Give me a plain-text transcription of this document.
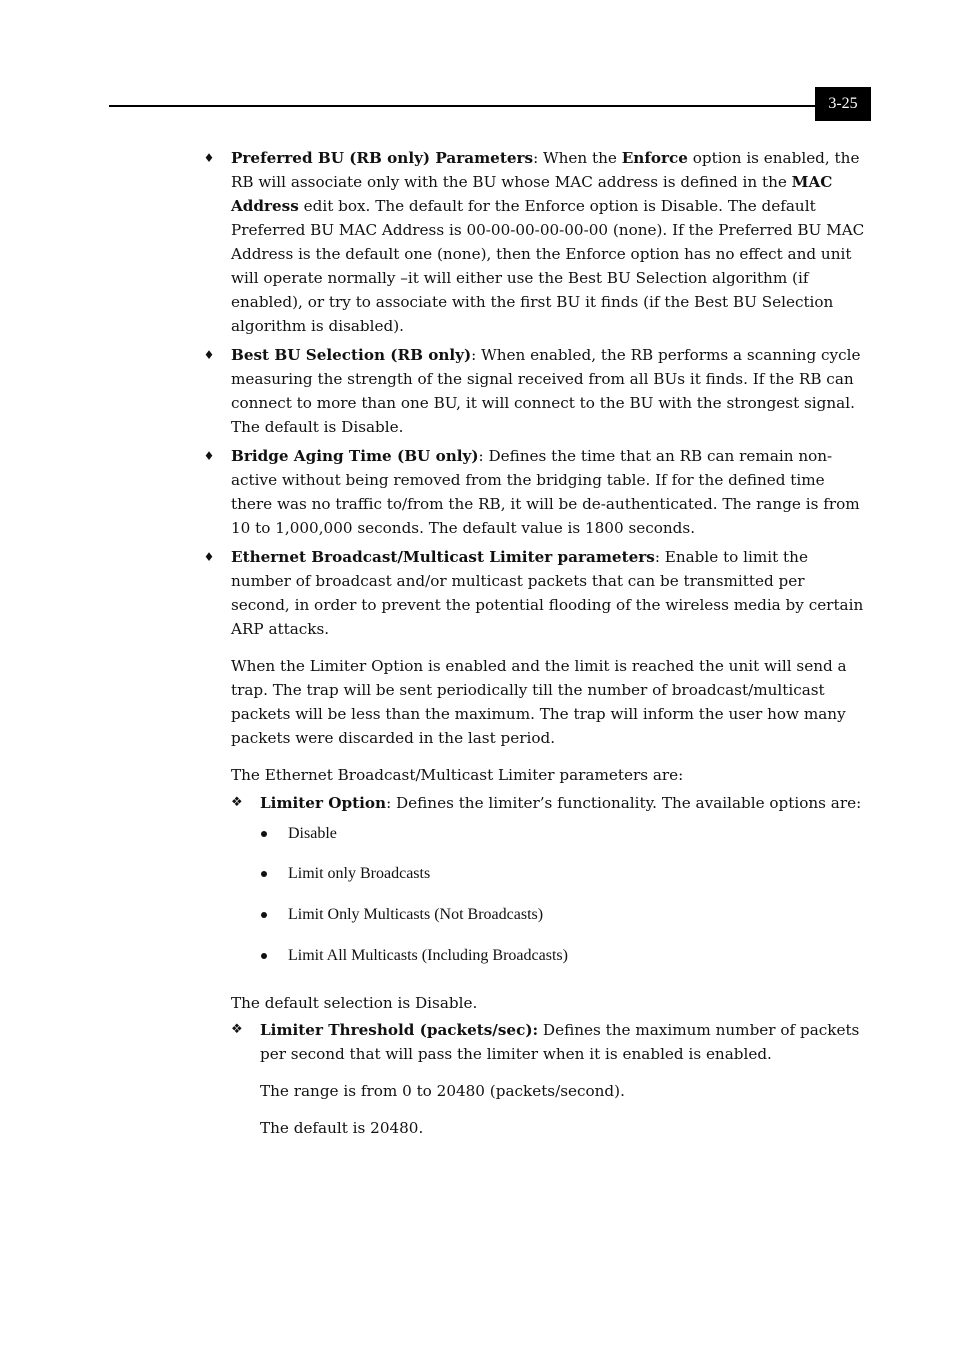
3-25
♦ Preferred BU (RB only) Parameters: When the Enforce option is enabled, the RB will associate only with the BU whose MAC address is defined in the MAC Address edit box. The default for the Enforce option is Disable. The default Preferred BU MAC Address is 00-00-00-00-00-00 (none). If the Preferred BU MAC Address is the default one (none), then the Enforce option has no effect and unit will operate normally –it will either use the Best BU Selection algorithm (if enabled), or try to associate with the first BU it finds (if the Best BU Selection algorithm is disabled).
♦ Best BU Selection (RB only): When enabled, the RB performs a scanning cycle measuring the strength of the signal received from all BUs it finds. If the RB can connect to more than one BU, it will connect to the BU with the strongest signal. The default is Disable.
♦ Bridge Aging Time (BU only): Defines the time that an RB can remain non-active without being removed from the bridging table. If for the defined time there was no traffic to/from the RB, it will be de-authenticated. The range is from 10 to 1,000,000 seconds. The default value is 1800 seconds.
♦ Ethernet Broadcast/Multicast Limiter parameters: Enable to limit the number of broadcast and/or multicast packets that can be transmitted per second, in order to prevent the potential flooding of the wireless media by certain ARP attacks.
When the Limiter Option is enabled and the limit is reached the unit will send a trap. The trap will be sent periodically till the number of broadcast/multicast packets will be less than the maximum. The trap will inform the user how many packets were discarded in the last period.
The Ethernet Broadcast/Multicast Limiter parameters are:
❖ Limiter Option: Defines the limiter’s functionality. The available options are:
Disable
Limit only Broadcasts
Limit Only Multicasts (Not Broadcasts)
Limit All Multicasts (Including Broadcasts)
The default selection is Disable.
❖ Limiter Threshold (packets/sec): Defines the maximum number of packets per second that will pass the limiter when it is enabled is enabled.
The range is from 0 to 20480 (packets/second).
The default is 20480.
